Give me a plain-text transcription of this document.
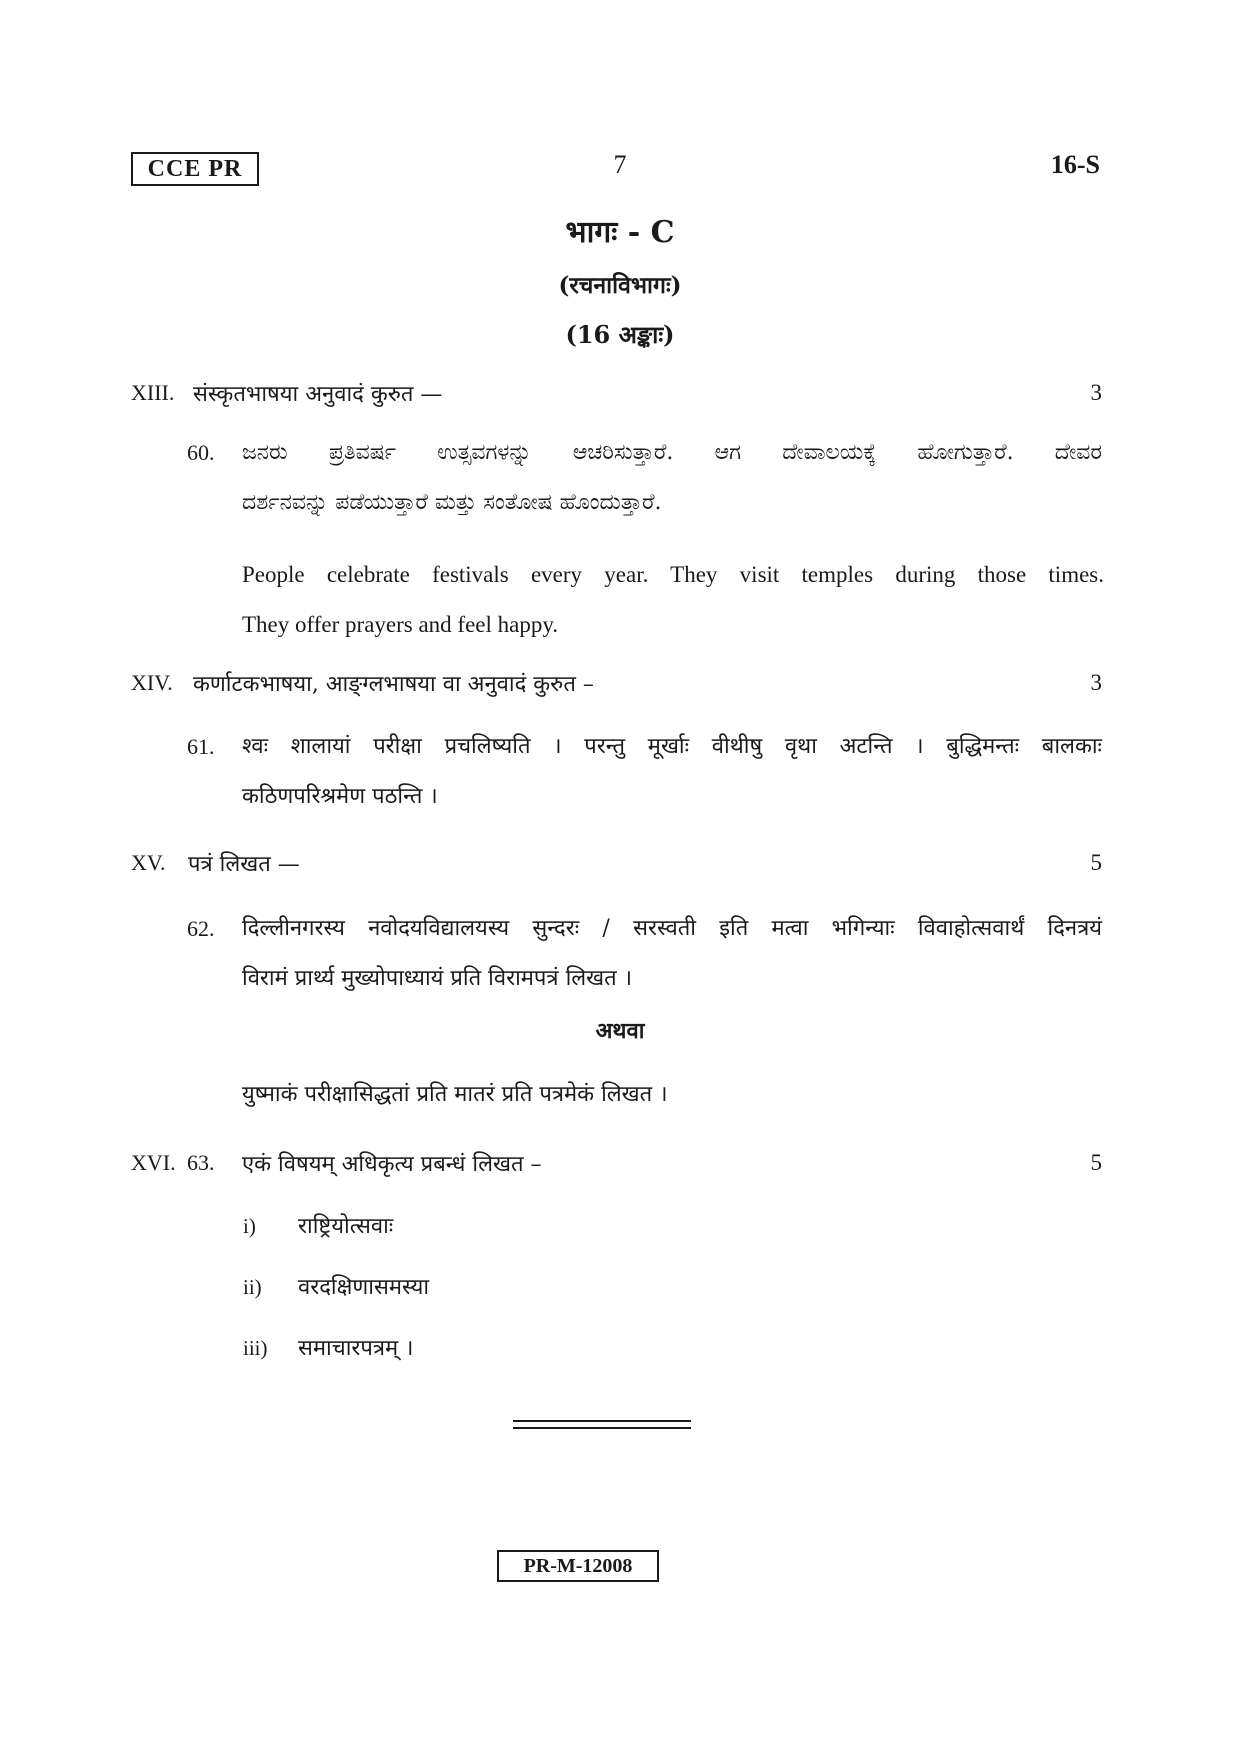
CCE PR	7	16-S
भागः - C
(रचनाविभागः)
(16 अङ्काः)
XIII. संस्कृतभाषया अनुवादं कुरुत —	3
60. ಜನರು ಪ್ರತಿವರ್ಷ ಉತ್ಸವಗಳನ್ನು ಆಚರಿಸುತ್ತಾರೆ. ಆಗ ದೇವಾಲಯಕ್ಕೆ ಹೋಗುತ್ತಾರೆ. ದೇವರ
ದರ್ಶನವನ್ನು ಪಡೆಯುತ್ತಾರೆ ಮತ್ತು ಸಂತೋಷ ಹೊಂದುತ್ತಾರೆ.
People celebrate festivals every year. They visit temples during those times.
They offer prayers and feel happy.
XIV. कर्णाटकभाषया, आङ्ग्लभाषया वा अनुवादं कुरुत –	3
61. श्वः शालायां परीक्षा प्रचलिष्यति । परन्तु मूर्खाः वीथीषु वृथा अटन्ति । बुद्धिमन्तः बालकाः
कठिणपरिश्रमेण पठन्ति ।
XV. पत्रं लिखत —	5
62. दिल्लीनगरस्य नवोदयविद्यालयस्य सुन्दरः / सरस्वती इति मत्वा भगिन्याः विवाहोत्सवार्थं दिनत्रयं
विरामं प्रार्थ्य मुख्योपाध्यायं प्रति विरामपत्रं लिखत ।
अथवा
युष्माकं परीक्षासिद्धतां प्रति मातरं प्रति पत्रमेकं लिखत ।
XVI. 63. एकं विषयम् अधिकृत्य प्रबन्धं लिखत –	5
i) राष्ट्रियोत्सवाः
ii) वरदक्षिणासमस्या
iii) समाचारपत्रम् ।
PR-M-12008
